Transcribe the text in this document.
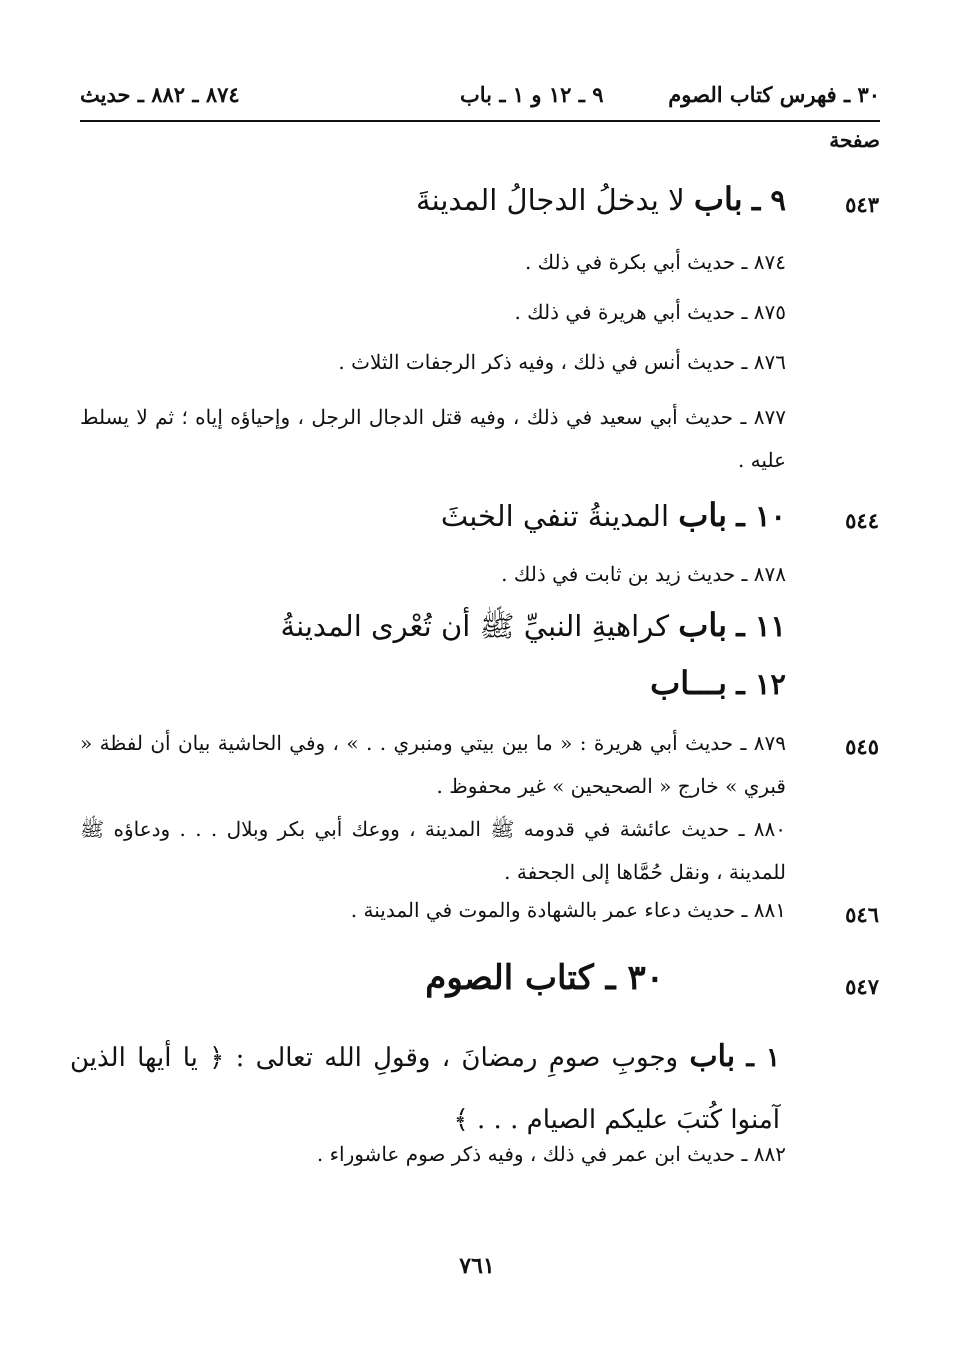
٣٠ ـ فهرس كتاب الصوم
٩ ـ ١٢ و ١ ـ باب
٨٧٤ ـ ٨٨٢ ـ حديث
صفحة
٥٤٣
٩ ـ باب لا يدخلُ الدجالُ المدينةَ
٨٧٤ ـ حديث أبي بكرة في ذلك .
٨٧٥ ـ حديث أبي هريرة في ذلك .
٨٧٦ ـ حديث أنس في ذلك ، وفيه ذكر الرجفات الثلاث .
٨٧٧ ـ حديث أبي سعيد في ذلك ، وفيه قتل الدجال الرجل ، وإحياؤه إياه ؛ ثم لا يسلط عليه .
٥٤٤
١٠ ـ باب المدينةُ تنفي الخبثَ
٨٧٨ ـ حديث زيد بن ثابت في ذلك .
١١ ـ باب كراهيةِ النبيِّ ﷺ أن تُعْرى المدينةُ
١٢ ـ بـــاب
٥٤٥
٨٧٩ ـ حديث أبي هريرة : « ما بين بيتي ومنبري . . » ، وفي الحاشية بيان أن لفظة « قبري » خارج « الصحيحين » غير محفوظ .
٨٨٠ ـ حديث عائشة في قدومه ﷺ المدينة ، ووعك أبي بكر وبلال . . . ودعاؤه ﷺ للمدينة ، ونقل حُمَّاها إلى الجحفة .
٥٤٦
٨٨١ ـ حديث دعاء عمر بالشهادة والموت في المدينة .
٥٤٧
٣٠ ـ كتاب الصوم
١ ـ باب وجوبِ صومِ رمضانَ ، وقولِ الله تعالى : ﴿ يا أيها الذين آمنوا كُتبَ عليكم الصيام . . . ﴾
٨٨٢ ـ حديث ابن عمر في ذلك ، وفيه ذكر صوم عاشوراء .
٧٦١
